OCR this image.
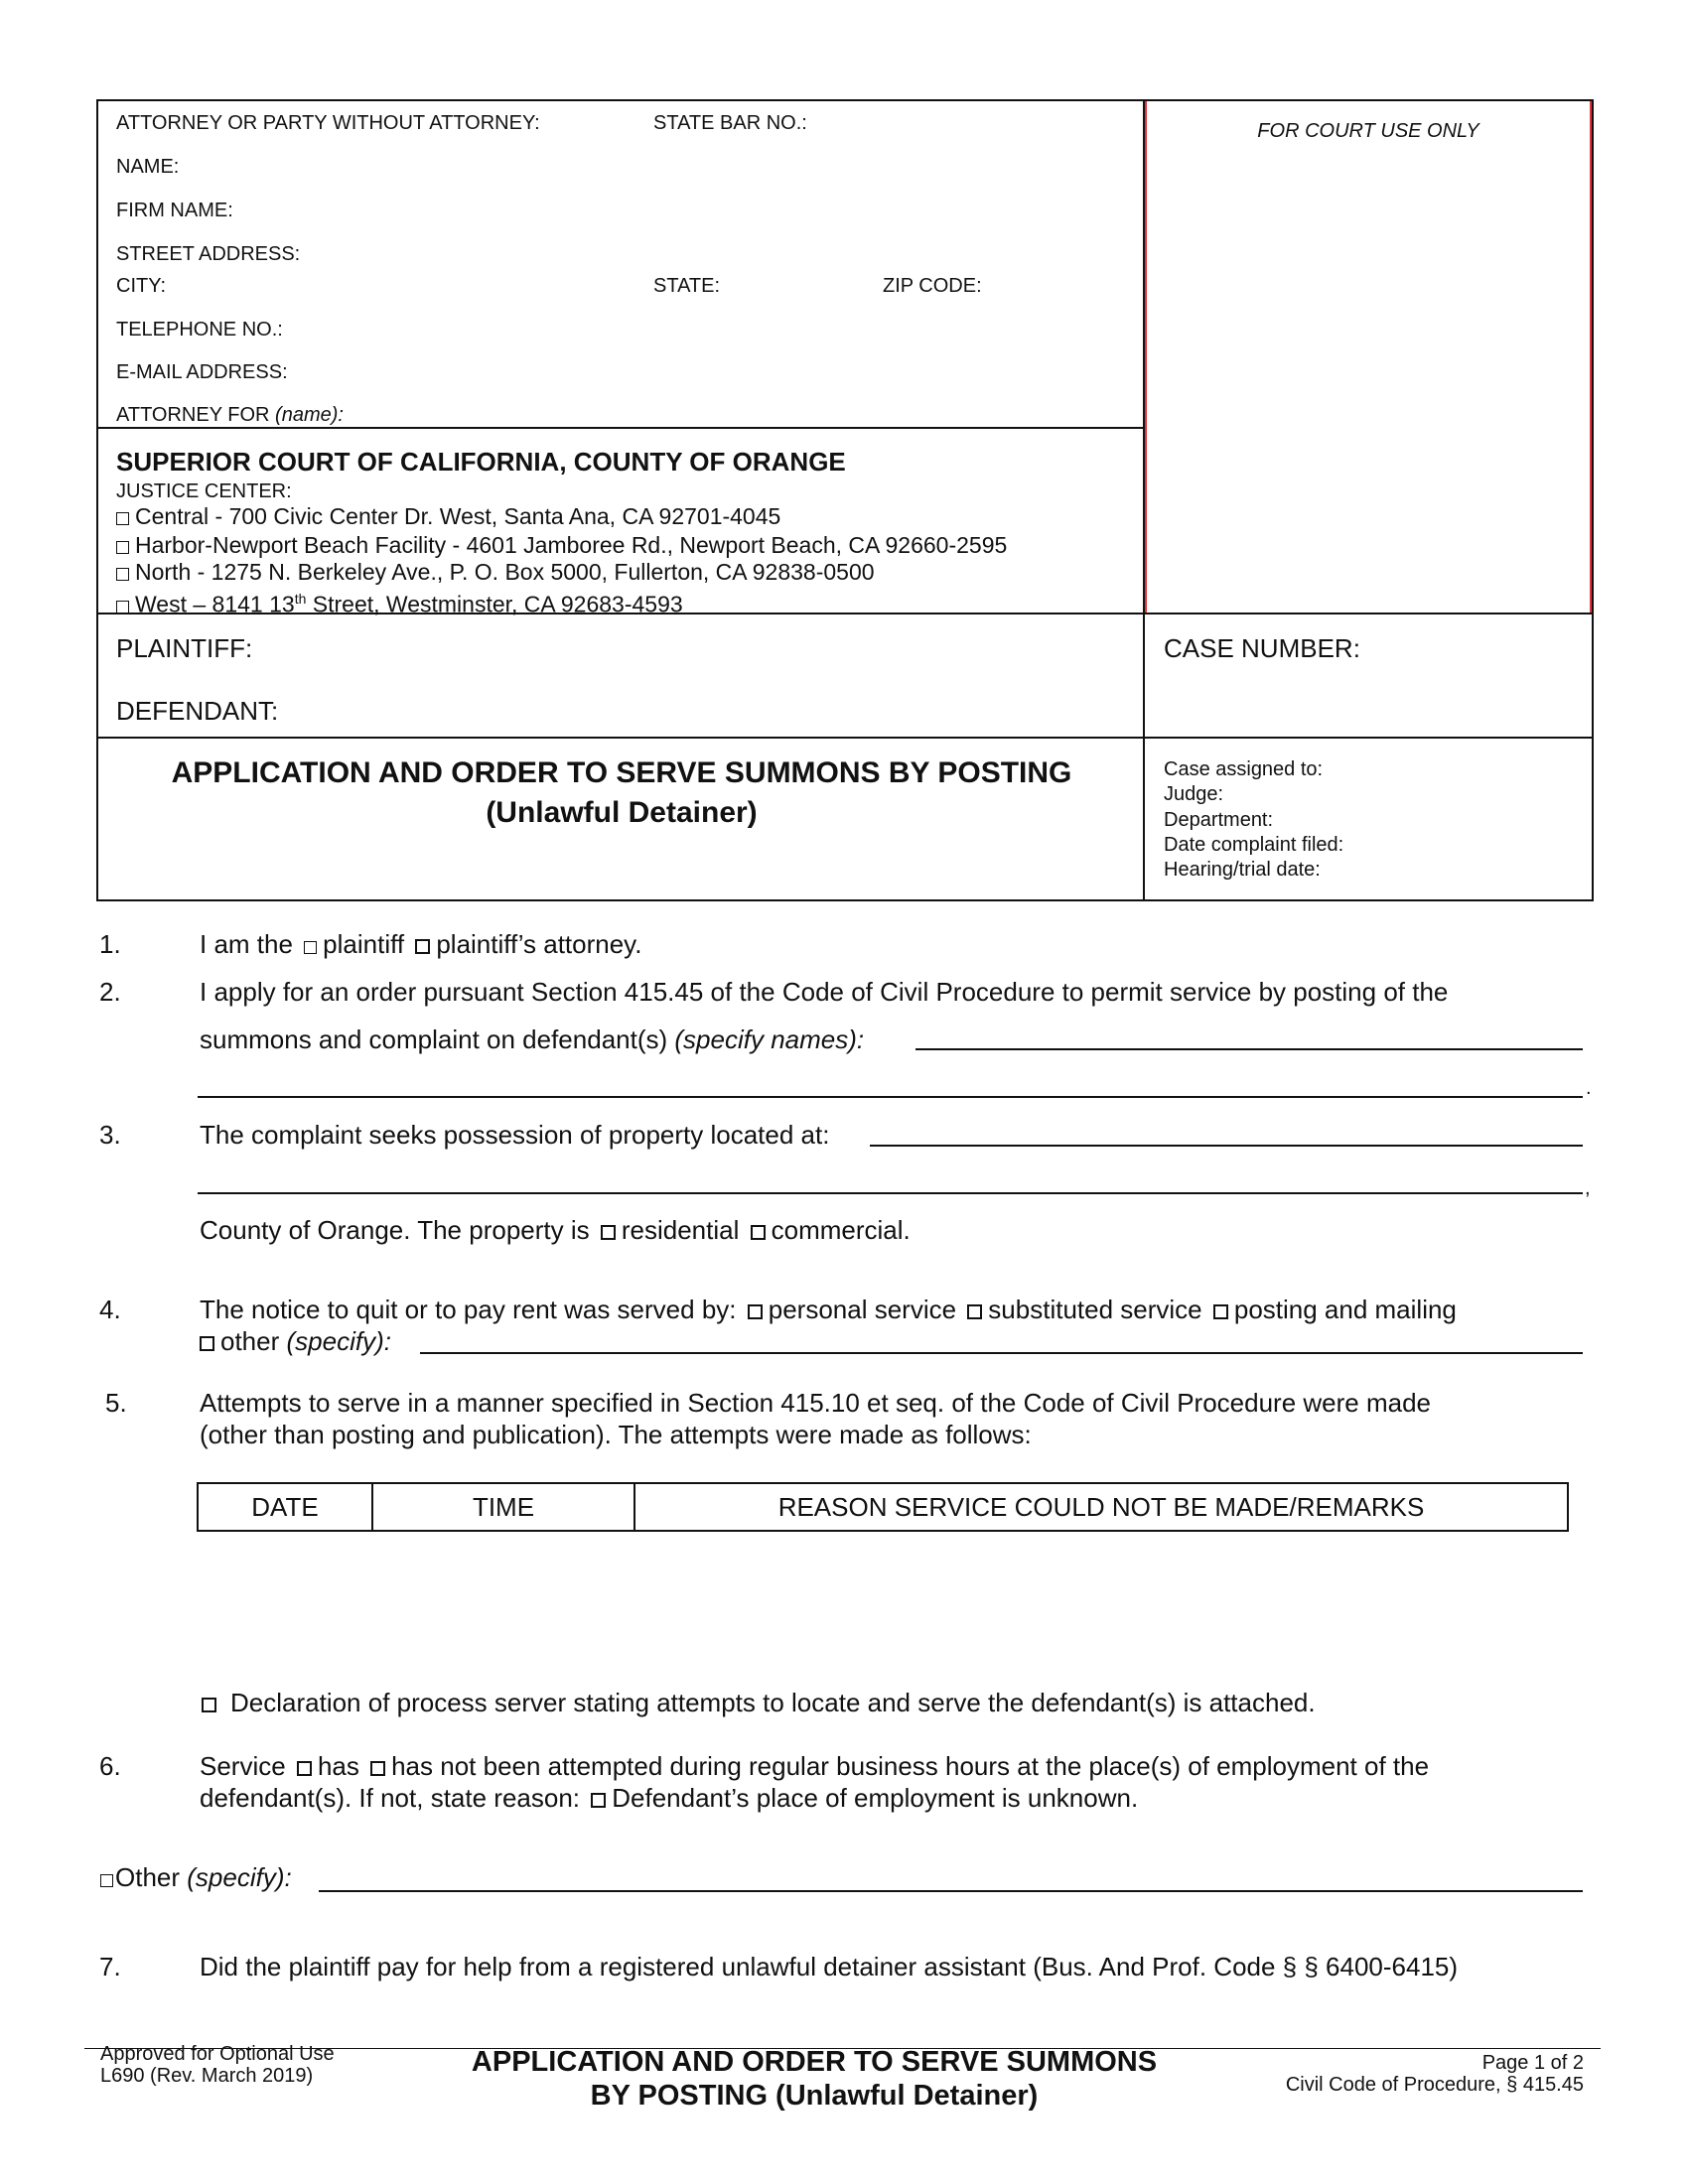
ATTORNEY OR PARTY WITHOUT ATTORNEY:	STATE BAR NO.:
NAME:
FIRM NAME:
STREET ADDRESS:
CITY:	STATE:	ZIP CODE:
TELEPHONE NO.:
E-MAIL ADDRESS:
ATTORNEY FOR (name):
FOR COURT USE ONLY
SUPERIOR COURT OF CALIFORNIA, COUNTY OF ORANGE
JUSTICE CENTER:
Central - 700 Civic Center Dr. West, Santa Ana, CA 92701-4045
Harbor-Newport Beach Facility - 4601 Jamboree Rd., Newport Beach, CA 92660-2595
North - 1275 N. Berkeley Ave., P. O. Box 5000, Fullerton, CA 92838-0500
West – 8141 13th Street, Westminster, CA 92683-4593
PLAINTIFF:
DEFENDANT:
CASE NUMBER:
APPLICATION AND ORDER TO SERVE SUMMONS BY POSTING
(Unlawful Detainer)
Case assigned to:
Judge:
Department:
Date complaint filed:
Hearing/trial date:
1.	I am the plaintiff plaintiff’s attorney.
2.	I apply for an order pursuant Section 415.45 of the Code of Civil Procedure to permit service by posting of the
summons and complaint on defendant(s) (specify names):
.
3.	The complaint seeks possession of property located at:
,
County of Orange. The property is residential commercial.
4.	The notice to quit or to pay rent was served by: personal service substituted service posting and mailing
other (specify):
5.	Attempts to serve in a manner specified in Section 415.10 et seq. of the Code of Civil Procedure were made
(other than posting and publication). The attempts were made as follows:
DATE	TIME	REASON SERVICE COULD NOT BE MADE/REMARKS
Declaration of process server stating attempts to locate and serve the defendant(s) is attached.
6.	Service has has not been attempted during regular business hours at the place(s) of employment of the
defendant(s). If not, state reason: Defendant’s place of employment is unknown.
Other (specify):
7.	Did the plaintiff pay for help from a registered unlawful detainer assistant (Bus. And Prof. Code § § 6400-6415)
Approved for Optional Use
L690 (Rev. March 2019)	APPLICATION AND ORDER TO SERVE SUMMONS
BY POSTING (Unlawful Detainer)
Page 1 of 2
Civil Code of Procedure, § 415.45
